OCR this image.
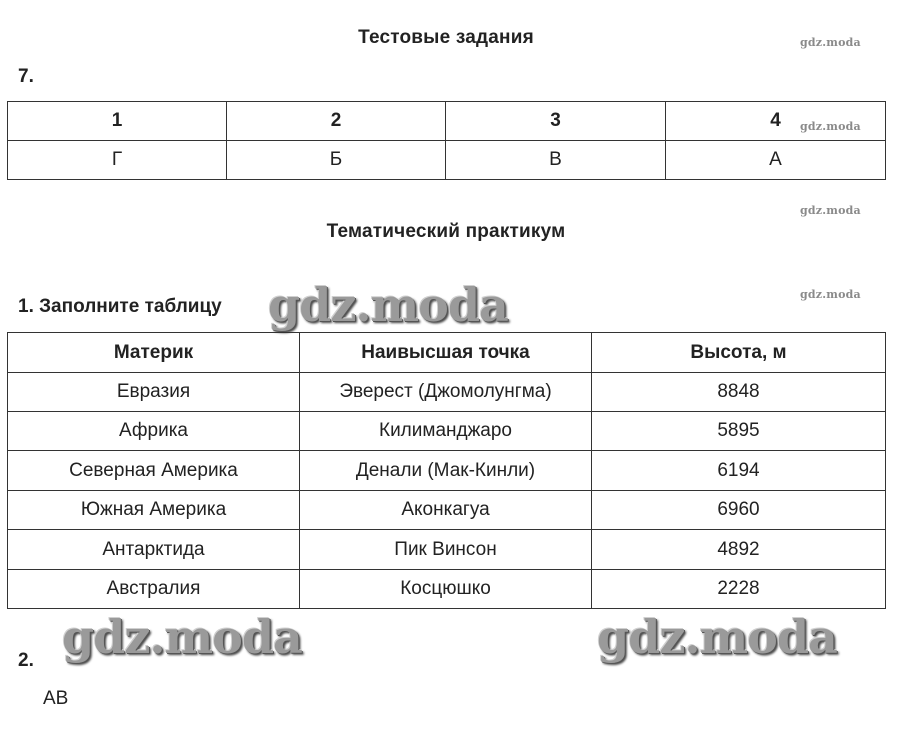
Тестовые задания	gdz.moda
7.
1	2	3	4
Г	Б	В	А
gdz.moda
gdz.moda
Тематический практикум
1. Заполните таблицу gdz.moda	gdz.moda
Материк	Наивысшая точка	Высота, м
Евразия	Эверест (Джомолунгма)	8848
Африка	Килиманджаро	5895
Северная Америка	Денали (Мак-Кинли)	6194
Южная Америка	Аконкагуа	6960
Антарктида	Пик Винсон	4892
Австралия	Косцюшко	2228
gdz.moda	gdz.moda
2.
АВ
